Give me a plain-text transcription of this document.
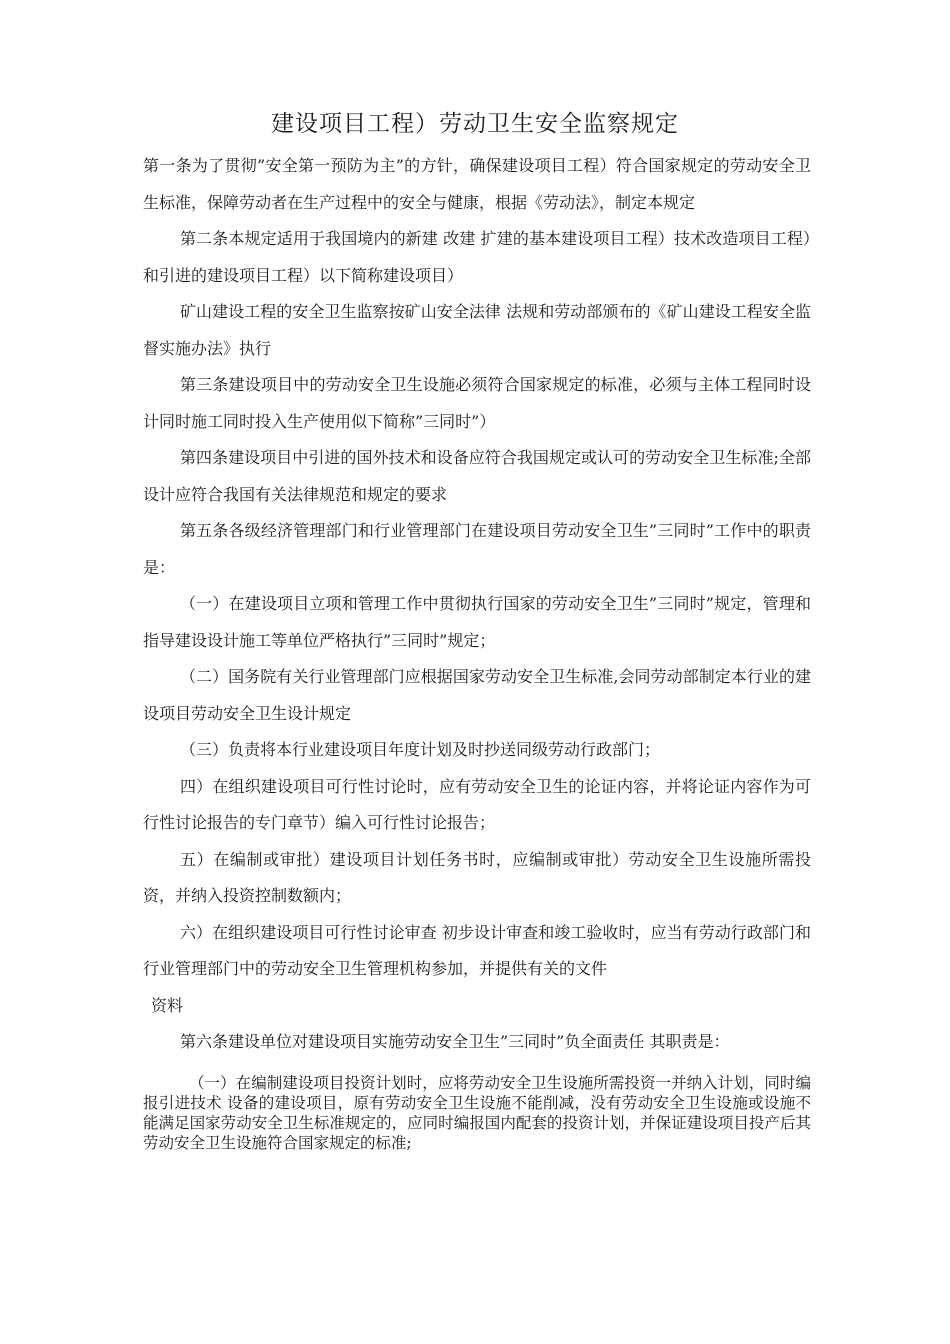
建设项目工程）劳动卫生安全监察规定

第一条为了贯彻”安全第一预防为主”的方针，确保建设项目工程）符合国家规定的劳动安全卫生标准，保障劳动者在生产过程中的安全与健康，根据《劳动法》，制定本规定

第二条本规定适用于我国境内的新建 改建 扩建的基本建设项目工程）技术改造项目工程）和引进的建设项目工程）以下简称建设项目）

矿山建设工程的安全卫生监察按矿山安全法律 法规和劳动部颁布的《矿山建设工程安全监督实施办法》执行

第三条建设项目中的劳动安全卫生设施必须符合国家规定的标准，必须与主体工程同时设计同时施工同时投入生产使用似下简称”三同时”）

第四条建设项目中引进的国外技术和设备应符合我国规定或认可的劳动安全卫生标准;全部设计应符合我国有关法律规范和规定的要求

第五条各级经济管理部门和行业管理部门在建设项目劳动安全卫生”三同时”工作中的职责是：

（一）在建设项目立项和管理工作中贯彻执行国家的劳动安全卫生”三同时”规定，管理和指导建设设计施工等单位严格执行”三同时”规定；

（二）国务院有关行业管理部门应根据国家劳动安全卫生标准,会同劳动部制定本行业的建设项目劳动安全卫生设计规定

（三）负责将本行业建设项目年度计划及时抄送同级劳动行政部门；

四）在组织建设项目可行性讨论时，应有劳动安全卫生的论证内容，并将论证内容作为可行性讨论报告的专门章节）编入可行性讨论报告；

五）在编制或审批）建设项目计划任务书时，应编制或审批）劳动安全卫生设施所需投资，并纳入投资控制数额内；

六）在组织建设项目可行性讨论审查 初步设计审查和竣工验收时，应当有劳动行政部门和行业管理部门中的劳动安全卫生管理机构参加，并提供有关的文件

资料

第六条建设单位对建设项目实施劳动安全卫生”三同时”负全面责任 其职责是：

（一）在编制建设项目投资计划时，应将劳动安全卫生设施所需投资一并纳入计划，同时编报引进技术 设备的建设项目，原有劳动安全卫生设施不能削减，没有劳动安全卫生设施或设施不能满足国家劳动安全卫生标准规定的，应同时编报国内配套的投资计划，并保证建设项目投产后其劳动安全卫生设施符合国家规定的标准;
